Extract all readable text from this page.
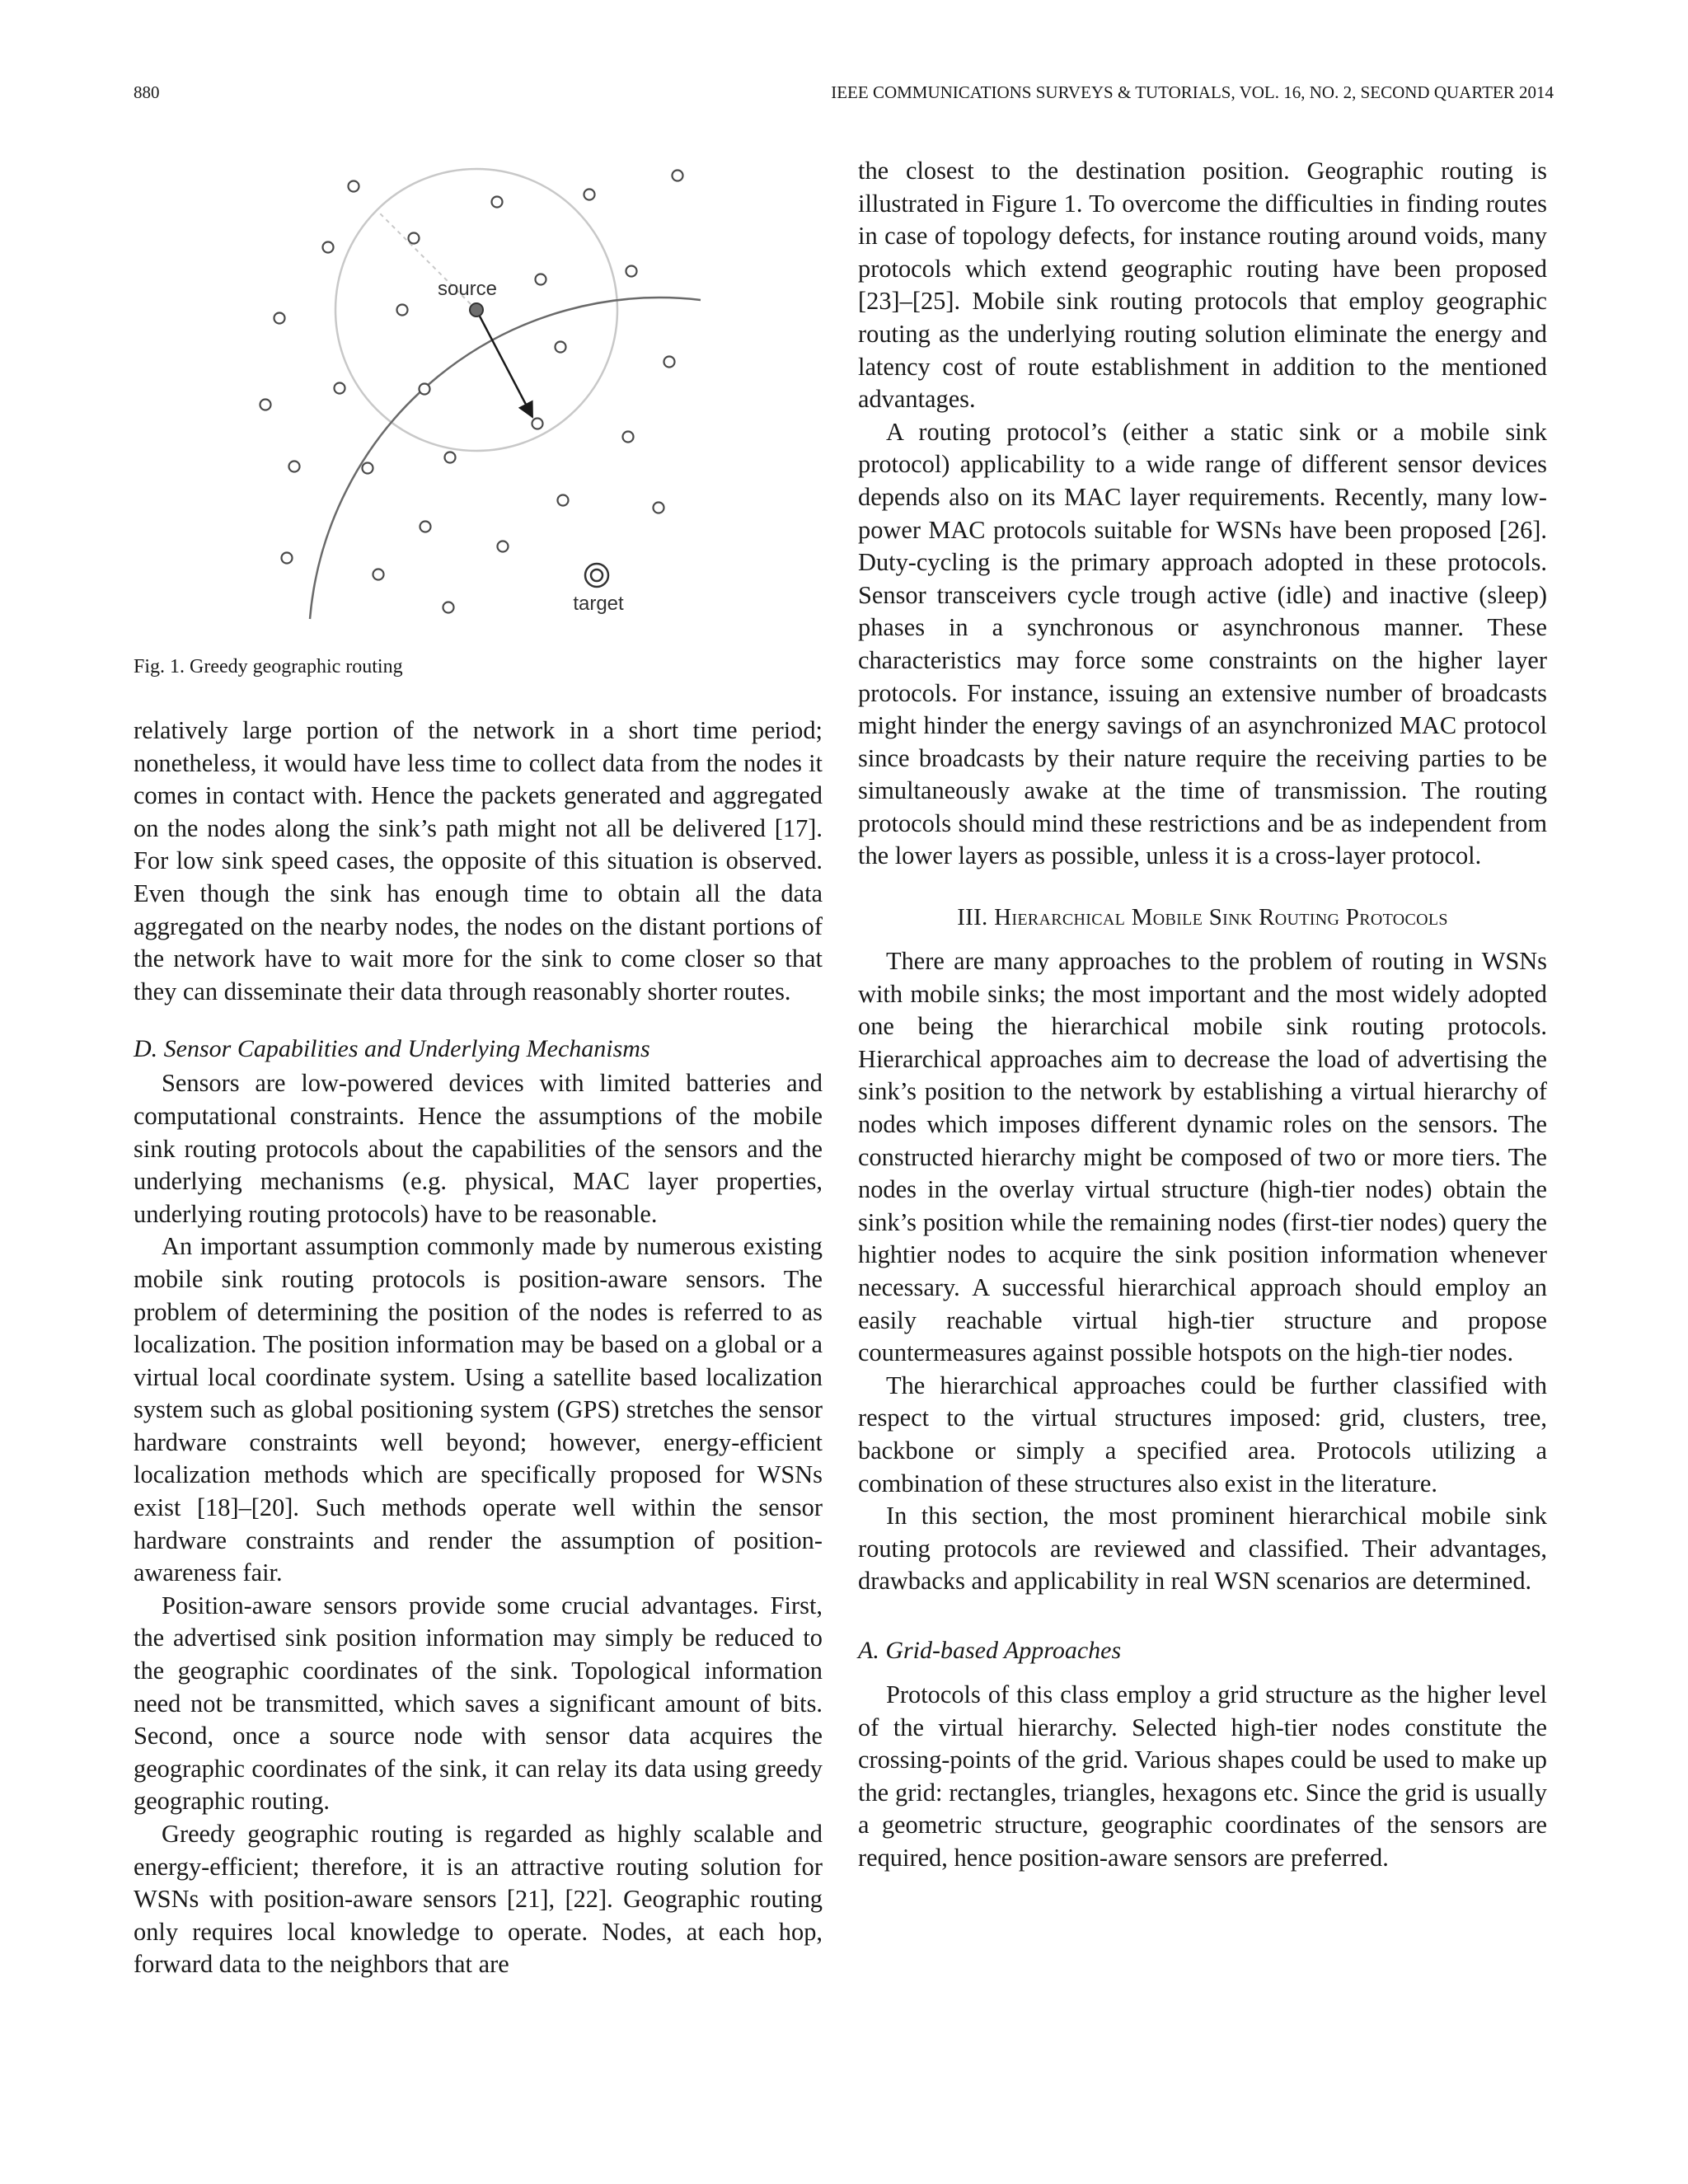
880	IEEE COMMUNICATIONS SURVEYS & TUTORIALS, VOL. 16, NO. 2, SECOND QUARTER 2014
source
target
Fig. 1. Greedy geographic routing

relatively large portion of the network in a short time period; nonetheless, it would have less time to collect data from the nodes it comes in contact with. Hence the packets generated and aggregated on the nodes along the sink’s path might not all be delivered [17]. For low sink speed cases, the opposite of this situation is observed. Even though the sink has enough time to obtain all the data aggregated on the nearby nodes, the nodes on the distant portions of the network have to wait more for the sink to come closer so that they can disseminate their data through reasonably shorter routes.

D. Sensor Capabilities and Underlying Mechanisms

Sensors are low-powered devices with limited batteries and computational constraints. Hence the assumptions of the mobile sink routing protocols about the capabilities of the sensors and the underlying mechanisms (e.g. physical, MAC layer properties, underlying routing protocols) have to be reasonable.

An important assumption commonly made by numerous existing mobile sink routing protocols is position-aware sensors. The problem of determining the position of the nodes is referred to as localization. The position information may be based on a global or a virtual local coordinate system. Using a satellite based localization system such as global positioning system (GPS) stretches the sensor hardware constraints well beyond; however, energy-efficient localization methods which are specifically proposed for WSNs exist [18]–[20]. Such methods operate well within the sensor hardware constraints and render the assumption of position-awareness fair.

Position-aware sensors provide some crucial advantages. First, the advertised sink position information may simply be reduced to the geographic coordinates of the sink. Topological information need not be transmitted, which saves a significant amount of bits. Second, once a source node with sensor data acquires the geographic coordinates of the sink, it can relay its data using greedy geographic routing.

Greedy geographic routing is regarded as highly scalable and energy-efficient; therefore, it is an attractive routing solution for WSNs with position-aware sensors [21], [22]. Geographic routing only requires local knowledge to operate. Nodes, at each hop, forward data to the neighbors that are

the closest to the destination position. Geographic routing is illustrated in Figure 1. To overcome the difficulties in finding routes in case of topology defects, for instance routing around voids, many protocols which extend geographic routing have been proposed [23]–[25]. Mobile sink routing protocols that employ geographic routing as the underlying routing solution eliminate the energy and latency cost of route establishment in addition to the mentioned advantages.

A routing protocol’s (either a static sink or a mobile sink protocol) applicability to a wide range of different sensor devices depends also on its MAC layer requirements. Recently, many low-power MAC protocols suitable for WSNs have been proposed [26]. Duty-cycling is the primary approach adopted in these protocols. Sensor transceivers cycle trough active (idle) and inactive (sleep) phases in a synchronous or asynchronous manner. These characteristics may force some constraints on the higher layer protocols. For instance, issuing an extensive number of broadcasts might hinder the energy savings of an asynchronized MAC protocol since broadcasts by their nature require the receiving parties to be simultaneously awake at the time of transmission. The routing protocols should mind these restrictions and be as independent from the lower layers as possible, unless it is a cross-layer protocol.

III. Hierarchical Mobile Sink Routing Protocols

There are many approaches to the problem of routing in WSNs with mobile sinks; the most important and the most widely adopted one being the hierarchical mobile sink routing protocols. Hierarchical approaches aim to decrease the load of advertising the sink’s position to the network by establishing a virtual hierarchy of nodes which imposes different dynamic roles on the sensors. The constructed hierarchy might be composed of two or more tiers. The nodes in the overlay virtual structure (high-tier nodes) obtain the sink’s position while the remaining nodes (first-tier nodes) query the hightier nodes to acquire the sink position information whenever necessary. A successful hierarchical approach should employ an easily reachable virtual high-tier structure and propose countermeasures against possible hotspots on the high-tier nodes.

The hierarchical approaches could be further classified with respect to the virtual structures imposed: grid, clusters, tree, backbone or simply a specified area. Protocols utilizing a combination of these structures also exist in the literature.

In this section, the most prominent hierarchical mobile sink routing protocols are reviewed and classified. Their advantages, drawbacks and applicability in real WSN scenarios are determined.

A. Grid-based Approaches

Protocols of this class employ a grid structure as the higher level of the virtual hierarchy. Selected high-tier nodes constitute the crossing-points of the grid. Various shapes could be used to make up the grid: rectangles, triangles, hexagons etc. Since the grid is usually a geometric structure, geographic coordinates of the sensors are required, hence position-aware sensors are preferred.
